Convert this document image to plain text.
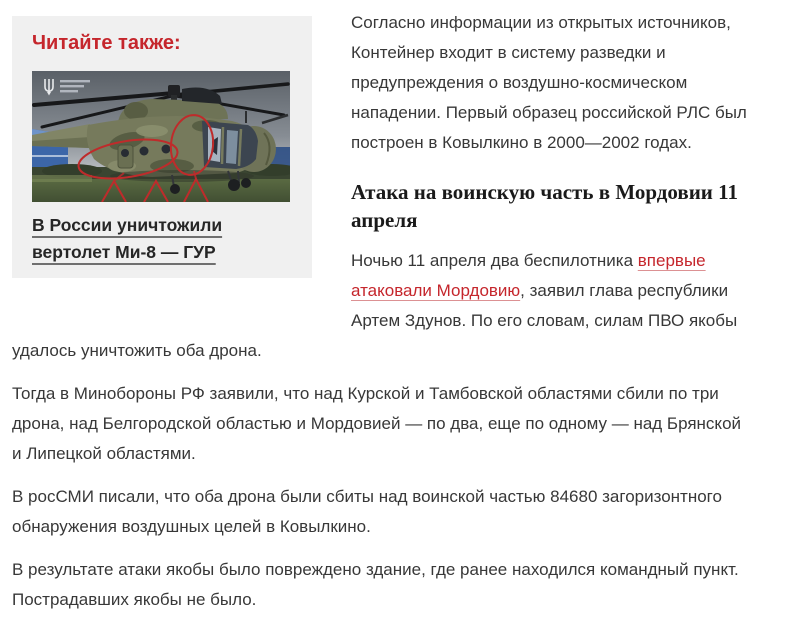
Читайте также:
В России уничтожили вертолет Ми-8 — ГУР

Согласно информации из открытых источников, Контейнер входит в систему разведки и предупреждения о воздушно-космическом нападении. Первый образец российской РЛС был построен в Ковылкино в 2000—2002 годах.

Атака на воинскую часть в Мордовии 11 апреля

Ночью 11 апреля два беспилотника впервые атаковали Мордовию, заявил глава республики Артем Здунов. По его словам, силам ПВО якобы удалось уничтожить оба дрона.

Тогда в Минобороны РФ заявили, что над Курской и Тамбовской областями сбили по три дрона, над Белгородской областью и Мордовией — по два, еще по одному — над Брянской и Липецкой областями.

В росСМИ писали, что оба дрона были сбиты над воинской частью 84680 загоризонтного обнаружения воздушных целей в Ковылкино.

В результате атаки якобы было повреждено здание, где ранее находился командный пункт. Пострадавших якобы не было.
